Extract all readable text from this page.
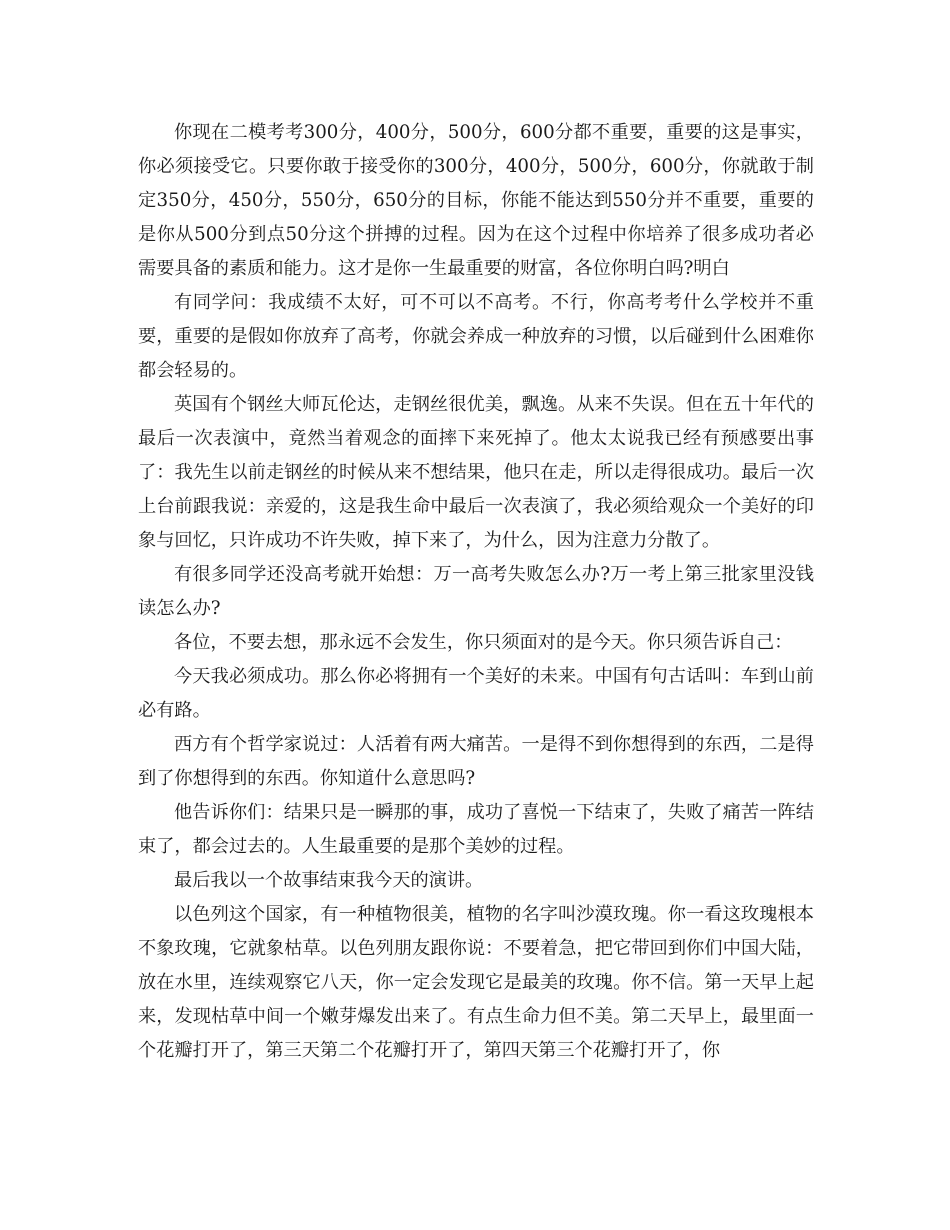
你现在二模考考300分，400分，500分，600分都不重要，重要的这是事实，你必须接受它。只要你敢于接受你的300分，400分，500分，600分，你就敢于制定350分，450分，550分，650分的目标，你能不能达到550分并不重要，重要的是你从500分到点50分这个拼搏的过程。因为在这个过程中你培养了很多成功者必需要具备的素质和能力。这才是你一生最重要的财富，各位你明白吗?明白

有同学问：我成绩不太好，可不可以不高考。不行，你高考考什么学校并不重要，重要的是假如你放弃了高考，你就会养成一种放弃的习惯，以后碰到什么困难你都会轻易的。

英国有个钢丝大师瓦伦达，走钢丝很优美，飘逸。从来不失误。但在五十年代的最后一次表演中，竟然当着观念的面摔下来死掉了。他太太说我已经有预感要出事了：我先生以前走钢丝的时候从来不想结果，他只在走，所以走得很成功。最后一次上台前跟我说：亲爱的，这是我生命中最后一次表演了，我必须给观众一个美好的印象与回忆，只许成功不许失败，掉下来了，为什么，因为注意力分散了。

有很多同学还没高考就开始想：万一高考失败怎么办?万一考上第三批家里没钱读怎么办?

各位，不要去想，那永远不会发生，你只须面对的是今天。你只须告诉自己：

今天我必须成功。那么你必将拥有一个美好的未来。中国有句古话叫：车到山前必有路。

西方有个哲学家说过：人活着有两大痛苦。一是得不到你想得到的东西，二是得到了你想得到的东西。你知道什么意思吗?

他告诉你们：结果只是一瞬那的事，成功了喜悦一下结束了，失败了痛苦一阵结束了，都会过去的。人生最重要的是那个美妙的过程。

最后我以一个故事结束我今天的演讲。

以色列这个国家，有一种植物很美，植物的名字叫沙漠玫瑰。你一看这玫瑰根本不象玫瑰，它就象枯草。以色列朋友跟你说：不要着急，把它带回到你们中国大陆，放在水里，连续观察它八天，你一定会发现它是最美的玫瑰。你不信。第一天早上起来，发现枯草中间一个嫩芽爆发出来了。有点生命力但不美。第二天早上，最里面一个花瓣打开了，第三天第二个花瓣打开了，第四天第三个花瓣打开了，你
